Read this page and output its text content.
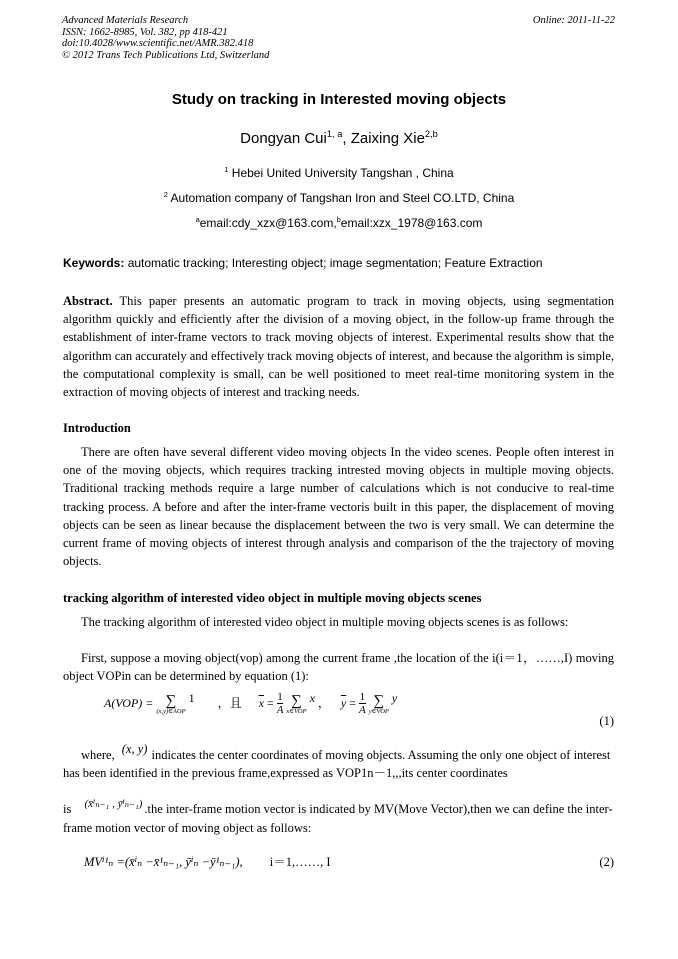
Advanced Materials Research
ISSN: 1662-8985, Vol. 382, pp 418-421
doi:10.4028/www.scientific.net/AMR.382.418
© 2012 Trans Tech Publications Ltd, Switzerland
Online: 2011-11-22
Study on tracking in Interested moving objects
Dongyan Cui$^{1, a}$, Zaixing Xie$^{2,b}$
$^1$ Hebei United University Tangshan , China
$^2$ Automation company of Tangshan Iron and Steel CO.LTD, China
$^a$email:cdy_xzx@163.com,$^b$email:xzx_1978@163.com
Keywords: automatic tracking; Interesting object; image segmentation; Feature Extraction

Abstract. This paper presents an automatic program to track in moving objects, using segmentation algorithm quickly and efficiently after the division of a moving object, in the follow-up frame through the establishment of inter-frame vectors to track moving objects of interest. Experimental results show that the algorithm can accurately and effectively track moving objects of interest, and because the algorithm is simple, the computational complexity is small, can be well positioned to meet real-time monitoring system in the extraction of moving objects of interest and tracking needs.

Introduction

There are often have several different video moving objects In the video scenes. People often interest in one of the moving objects, which requires tracking intrested moving objects in multiple moving objects. Traditional tracking methods require a large number of calculations which is not conducive to real-time tracking process. A before and after the inter-frame vectoris built in this paper, the displacement of moving objects can be seen as linear because the displacement between the two is very small. We can determine the current frame of moving objects of interest through analysis and comparison of the the trajectory of moving objects.

tracking algorithm of interested video object in multiple moving objects scenes

The tracking algorithm of interested video object in multiple moving objects scenes is as follows:

First, suppose a moving object(vop) among the current frame ,the location of the i(i＝1，……,I) moving object VOPin can be determined by equation (1):

A(VOP) = ∑
(x,y)∈AOP
1 ，且 $\overline{x} = \frac{1}{A}$
∑
x∈VOP
x ， $\overline{y} = \frac{1}{A}$
∑
y∈VOP
y
(1)
where, (x, y) indicates the center coordinates of moving objects. Assuming the only one object of interest has been identified in the previous frame,expressed as VOP1n－1,,,its center coordinates
is (x̄ⁱₙ₋₁ , ȳⁱₙ₋₁) .the inter-frame motion vector is indicated by MV(Move Vector),then we can define the inter-frame motion vector of moving object as follows:
MVⁱ¹ₙ =(x̄ⁱₙ −x̄¹ₙ₋₁, ȳⁱₙ −ȳ¹ₙ₋₁), i＝1,……, I	(2)
